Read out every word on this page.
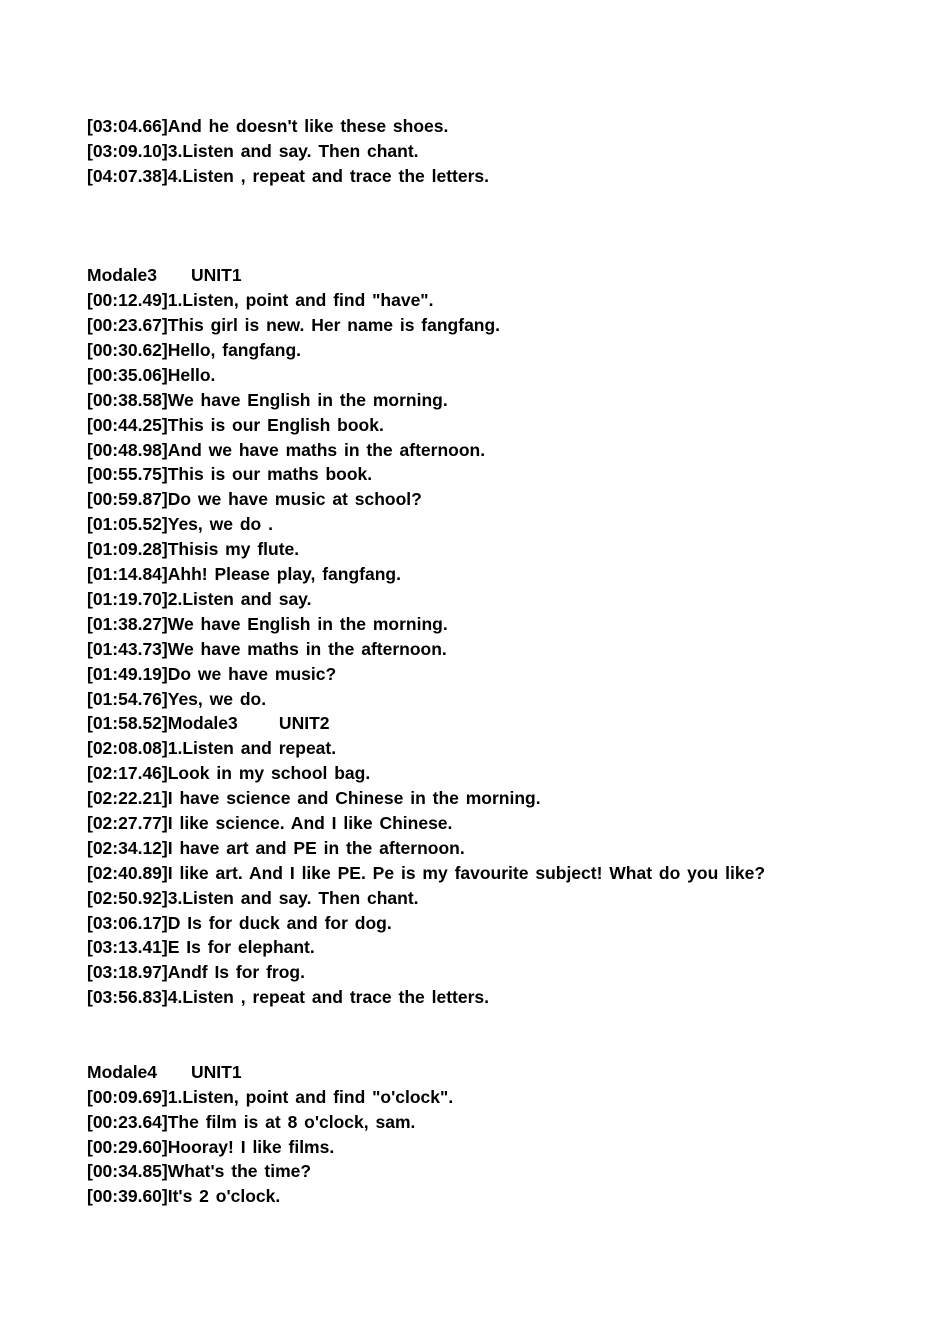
[03:04.66]And he doesn't like these shoes.
[03:09.10]3.Listen and say. Then chant.
[04:07.38]4.Listen , repeat and trace the letters.
Modale3 UNIT1
[00:12.49]1.Listen, point and find "have".
[00:23.67]This girl is new. Her name is fangfang.
[00:30.62]Hello, fangfang.
[00:35.06]Hello.
[00:38.58]We have English in the morning.
[00:44.25]This is our English book.
[00:48.98]And we have maths in the afternoon.
[00:55.75]This is our maths book.
[00:59.87]Do we have music at school?
[01:05.52]Yes, we do .
[01:09.28]Thisis my flute.
[01:14.84]Ahh! Please play, fangfang.
[01:19.70]2.Listen and say.
[01:38.27]We have English in the morning.
[01:43.73]We have maths in the afternoon.
[01:49.19]Do we have music?
[01:54.76]Yes, we do.
[01:58.52]Modale3      UNIT2
[02:08.08]1.Listen and repeat.
[02:17.46]Look in my school bag.
[02:22.21]I have science and Chinese in the morning.
[02:27.77]I like science. And I like Chinese.
[02:34.12]I have art and PE in the afternoon.
[02:40.89]I like art. And I like PE. Pe is my favourite subject! What do you like?
[02:50.92]3.Listen and say. Then chant.
[03:06.17]D Is for duck and for dog.
[03:13.41]E Is for elephant.
[03:18.97]Andf Is for frog.
[03:56.83]4.Listen , repeat and trace the letters.
Modale4 UNIT1
[00:09.69]1.Listen, point and find "o'clock".
[00:23.64]The film is at 8 o'clock, sam.
[00:29.60]Hooray! I like films.
[00:34.85]What's the time?
[00:39.60]It's 2 o'clock.
